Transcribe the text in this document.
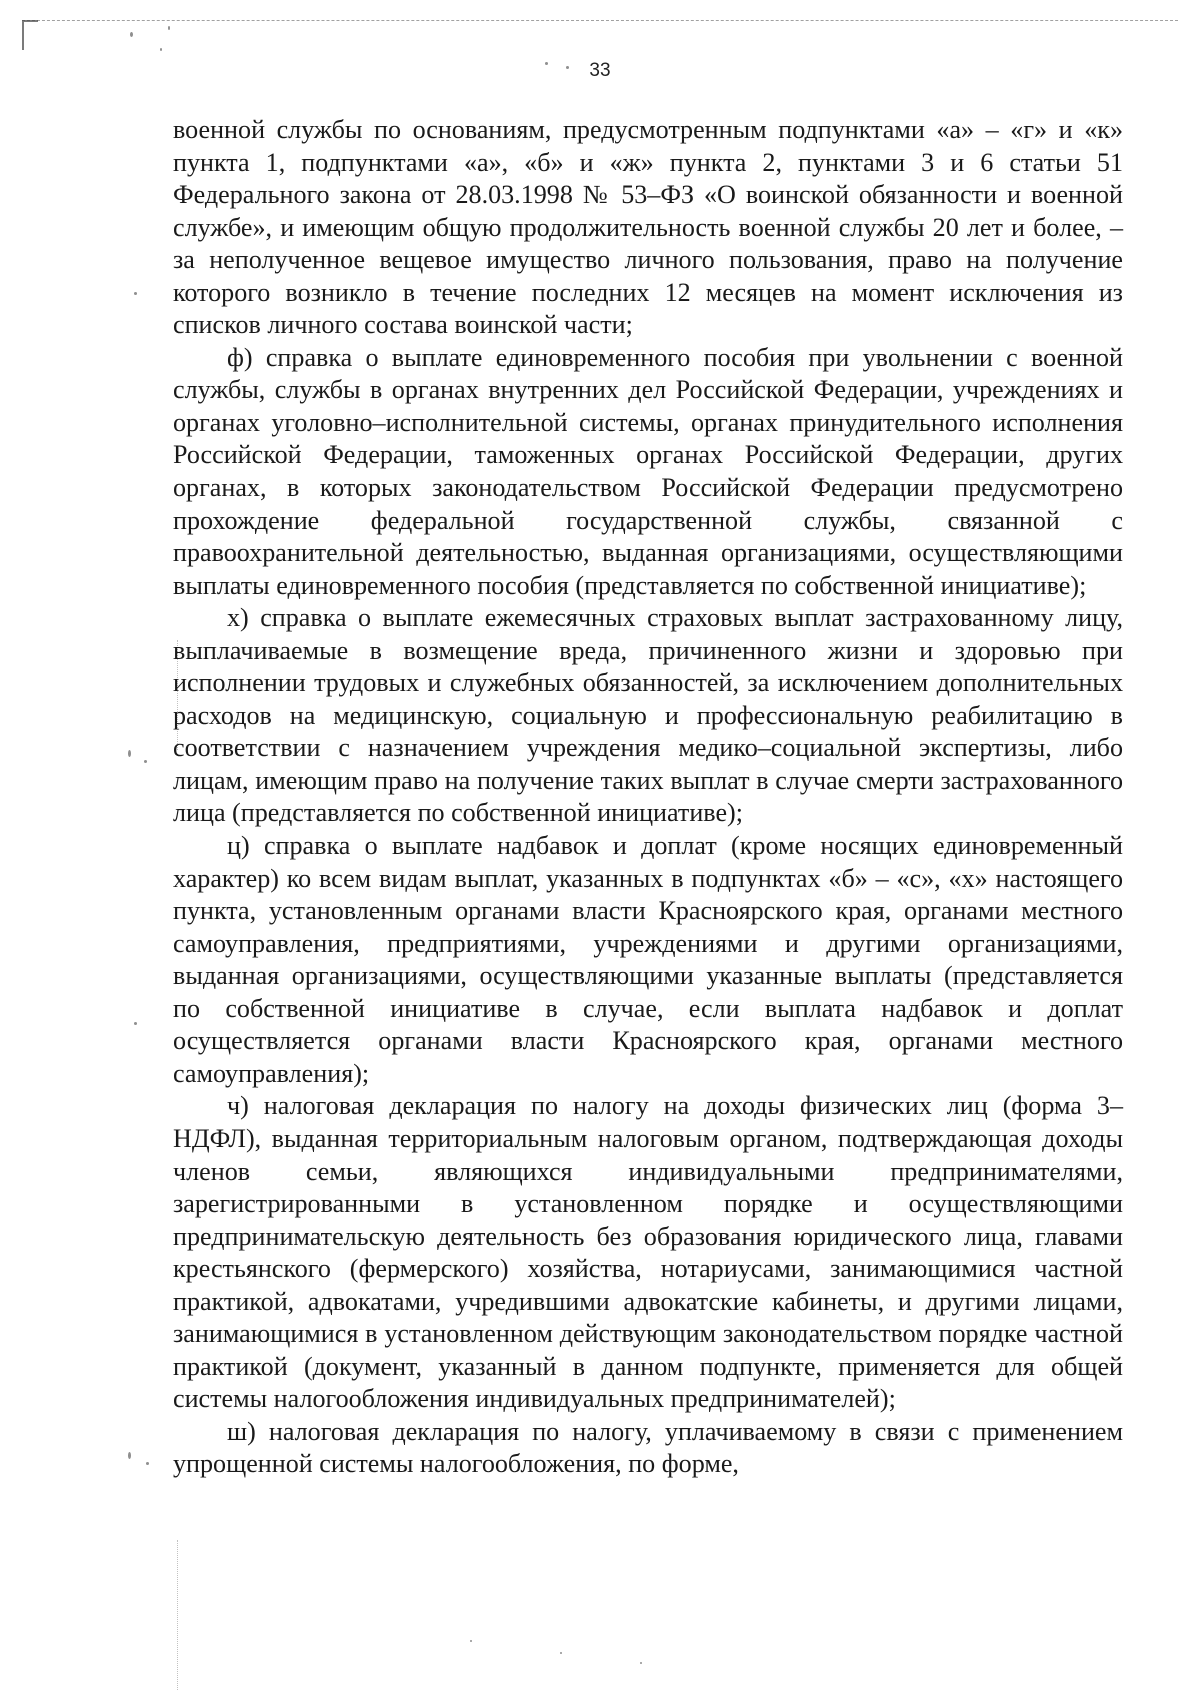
33

военной службы по основаниям, предусмотренным подпунктами «а» – «г» и «к» пункта 1, подпунктами «а», «б» и «ж» пункта 2, пунктами 3 и 6 статьи 51 Федерального закона от 28.03.1998 № 53–ФЗ «О воинской обязанности и военной службе», и имеющим общую продолжительность военной службы 20 лет и более, – за неполученное вещевое имущество личного пользования, право на получение которого возникло в течение последних 12 месяцев на момент исключения из списков личного состава воинской части;

ф) справка о выплате единовременного пособия при увольнении с военной службы, службы в органах внутренних дел Российской Федерации, учреждениях и органах уголовно–исполнительной системы, органах принудительного исполнения Российской Федерации, таможенных органах Российской Федерации, других органах, в которых законодательством Российской Федерации предусмотрено прохождение федеральной государственной службы, связанной с правоохранительной деятельностью, выданная организациями, осуществляющими выплаты единовременного пособия (представляется по собственной инициативе);

х) справка о выплате ежемесячных страховых выплат застрахованному лицу, выплачиваемые в возмещение вреда, причиненного жизни и здоровью при исполнении трудовых и служебных обязанностей, за исключением дополнительных расходов на медицинскую, социальную и профессиональную реабилитацию в соответствии с назначением учреждения медико–социальной экспертизы, либо лицам, имеющим право на получение таких выплат в случае смерти застрахованного лица (представляется по собственной инициативе);

ц) справка о выплате надбавок и доплат (кроме носящих единовременный характер) ко всем видам выплат, указанных в подпунктах «б» – «с», «х» настоящего пункта, установленным органами власти Красноярского края, органами местного самоуправления, предприятиями, учреждениями и другими организациями, выданная организациями, осуществляющими указанные выплаты (представляется по собственной инициативе в случае, если выплата надбавок и доплат осуществляется органами власти Красноярского края, органами местного самоуправления);

ч) налоговая декларация по налогу на доходы физических лиц (форма 3–НДФЛ), выданная территориальным налоговым органом, подтверждающая доходы членов семьи, являющихся индивидуальными предпринимателями, зарегистрированными в установленном порядке и осуществляющими предпринимательскую деятельность без образования юридического лица, главами крестьянского (фермерского) хозяйства, нотариусами, занимающимися частной практикой, адвокатами, учредившими адвокатские кабинеты, и другими лицами, занимающимися в установленном действующим законодательством порядке частной практикой (документ, указанный в данном подпункте, применяется для общей системы налогообложения индивидуальных предпринимателей);

ш) налоговая декларация по налогу, уплачиваемому в связи с применением упрощенной системы налогообложения, по форме,
